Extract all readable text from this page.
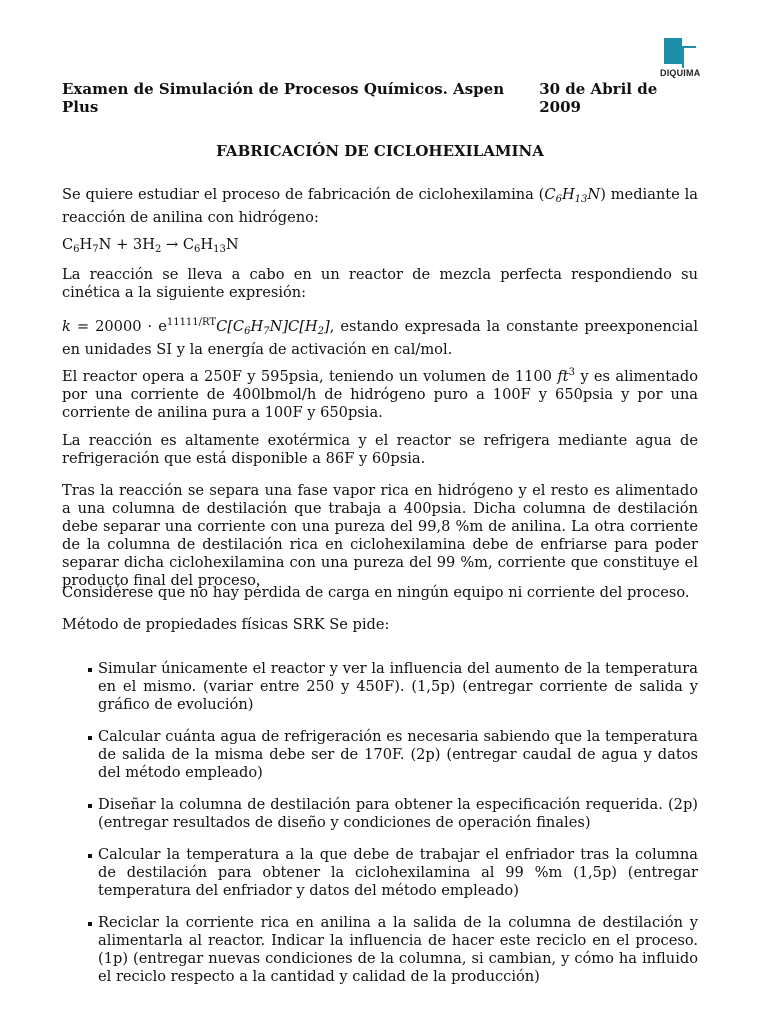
DIQUIMA
Examen de Simulación de Procesos Químicos. Aspen Plus
30 de Abril de 2009
FABRICACIÓN DE CICLOHEXILAMINA

Se quiere estudiar el proceso de fabricación de ciclohexilamina $(C_6H_{13}N)$ mediante la reacción de anilina con hidrógeno:

$C_6H_7N + 3H_2 \to C_6H_{13}N$

La reacción se lleva a cabo en un reactor de mezcla perfecta respondiendo su cinética a la siguiente expresión:

$k = 20000 \cdot e^{11111/RT}C[C_6H_7N]C[H_2]$, estando expresada la constante preexponencial en unidades SI y la energía de activación en cal/mol.

El reactor opera a 250F y 595psia, teniendo un volumen de 1100 $ft^3$ y es alimentado por una corriente de 400lbmol/h de hidrógeno puro a 100F y 650psia y por una corriente de anilina pura a 100F y 650psia.

La reacción es altamente exotérmica y el reactor se refrigera mediante agua de refrigeración que está disponible a 86F y 60psia.

Tras la reacción se separa una fase vapor rica en hidrógeno y el resto es alimentado a una columna de destilación que trabaja a 400psia. Dicha columna de destilación debe separar una corriente con una pureza del 99,8 %m de anilina. La otra corriente de la columna de destilación rica en ciclohexilamina debe de enfriarse para poder separar dicha ciclohexilamina con una pureza del 99 %m, corriente que constituye el producto final del proceso.

Considérese que no hay pérdida de carga en ningún equipo ni corriente del proceso.

Método de propiedades físicas SRK Se pide:

Simular únicamente el reactor y ver la influencia del aumento de la temperatura en el mismo. (variar entre 250 y 450F). (1,5p) (entregar corriente de salida y gráfico de evolución)
Calcular cuánta agua de refrigeración es necesaria sabiendo que la temperatura de salida de la misma debe ser de 170F. (2p) (entregar caudal de agua y datos del método empleado)
Diseñar la columna de destilación para obtener la especificación requerida. (2p) (entregar resultados de diseño y condiciones de operación finales)
Calcular la temperatura a la que debe de trabajar el enfriador tras la columna de destilación para obtener la ciclohexilamina al 99 %m (1,5p) (entregar temperatura del enfriador y datos del método empleado)
Reciclar la corriente rica en anilina a la salida de la columna de destilación y alimentarla al reactor. Indicar la influencia de hacer este reciclo en el proceso. (1p) (entregar nuevas condiciones de la columna, si cambian, y cómo ha influido el reciclo respecto a la cantidad y calidad de la producción)
